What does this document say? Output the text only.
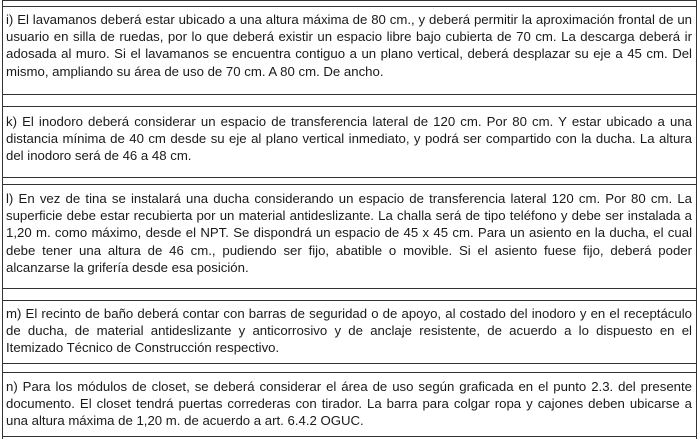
i) El lavamanos deberá estar ubicado a una altura máxima de 80 cm., y deberá permitir la aproximación frontal de un usuario en silla de ruedas, por lo que deberá existir un espacio libre bajo cubierta de 70 cm. La descarga deberá ir adosada al muro. Si el lavamanos se encuentra contiguo a un plano vertical, deberá desplazar su eje a 45 cm. Del mismo, ampliando su área de uso de 70 cm. A 80 cm. De ancho.

k) El inodoro deberá considerar un espacio de transferencia lateral de 120 cm. Por 80 cm. Y estar ubicado a una distancia mínima de 40 cm desde su eje al plano vertical inmediato, y podrá ser compartido con la ducha. La altura del inodoro será de 46 a 48 cm.

l) En vez de tina se instalará una ducha considerando un espacio de transferencia lateral 120 cm. Por 80 cm. La superficie debe estar recubierta por un material antideslizante. La challa será de tipo teléfono y debe ser instalada a 1,20 m. como máximo, desde el NPT. Se dispondrá un espacio de 45 x 45 cm. Para un asiento en la ducha, el cual debe tener una altura de 46 cm., pudiendo ser fijo, abatible o movible. Si el asiento fuese fijo, deberá poder alcanzarse la grifería desde esa posición.

m) El recinto de baño deberá contar con barras de seguridad o de apoyo, al costado del inodoro y en el receptáculo de ducha, de material antideslizante y anticorrosivo y de anclaje resistente, de acuerdo a lo dispuesto en el Itemizado Técnico de Construcción respectivo.

n) Para los módulos de closet, se deberá considerar el área de uso según graficada en el punto 2.3. del presente documento. El closet tendrá puertas correderas con tirador. La barra para colgar ropa y cajones deben ubicarse a una altura máxima de 1,20 m. de acuerdo a art. 6.4.2 OGUC.
